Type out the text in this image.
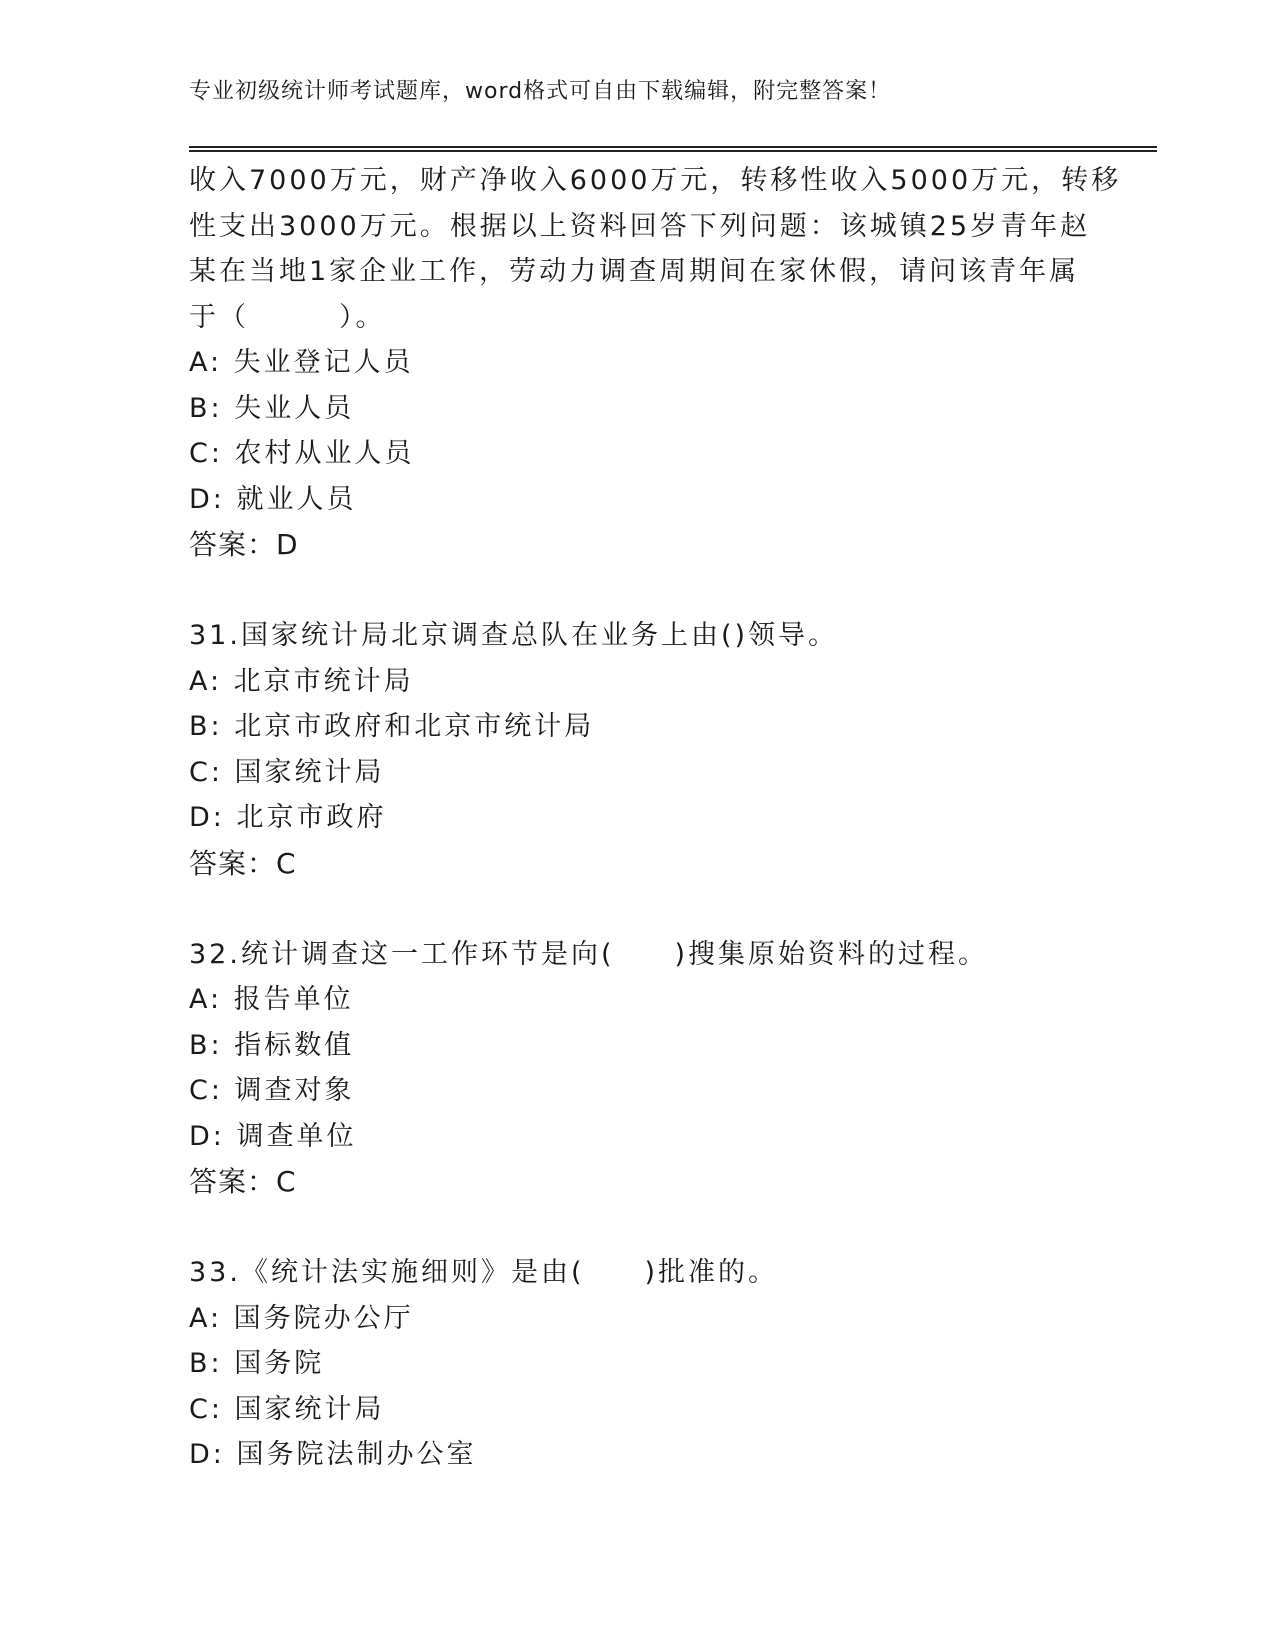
专业初级统计师考试题库，word格式可自由下载编辑，附完整答案！

收入7000万元，财产净收入6000万元，转移性收入5000万元，转移

性支出3000万元。根据以上资料回答下列问题：该城镇25岁青年赵

某在当地1家企业工作，劳动力调查周期间在家休假，请问该青年属

于（　　　）。

A: 失业登记人员

B: 失业人员

C: 农村从业人员

D: 就业人员

答案：D

31.国家统计局北京调查总队在业务上由()领导。

A: 北京市统计局

B: 北京市政府和北京市统计局

C: 国家统计局

D: 北京市政府

答案：C

32.统计调查这一工作环节是向(　　)搜集原始资料的过程。

A: 报告单位

B: 指标数值

C: 调查对象

D: 调查单位

答案：C

33.《统计法实施细则》是由(　　)批准的。

A: 国务院办公厅

B: 国务院

C: 国家统计局

D: 国务院法制办公室
